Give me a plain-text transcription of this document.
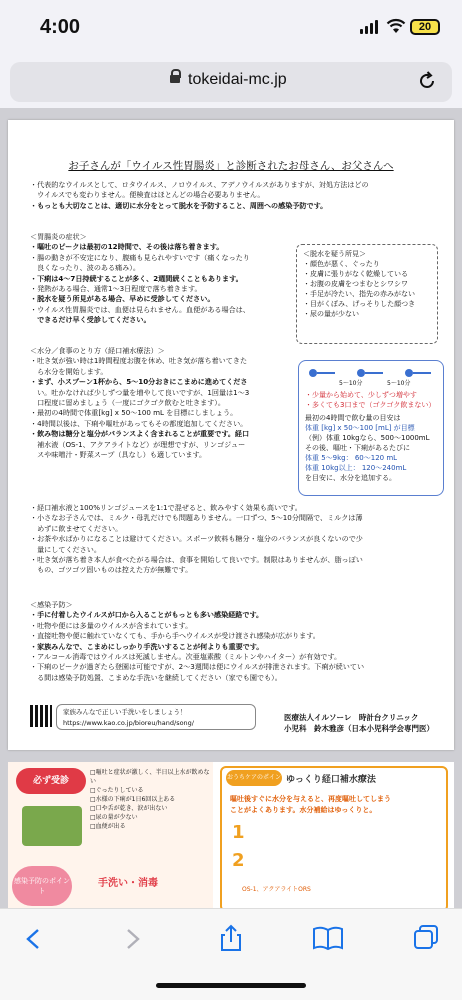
4:00	20
tokeidai-mc.jp
お子さんが「ウイルス性胃腸炎」と診断されたお母さん、お父さんへ

・代表的なウイルスとして、ロタウイルス、ノロウイルス、アデノウイルスがありますが、対処方法はどの

　ウイルスでも変わりません。便検査はほとんどの場合必要ありません。

・もっとも大切なことは、適切に水分をとって脱水を予防すること、周囲への感染予防です。

＜胃腸炎の症状＞

・嘔吐のピークは最初の12時間で、その後は落ち着きます。

・腸の動きが不安定になり、腹痛も見られやすいです（痛くなったり

　良くなったり、波のある痛み）。

・下痢は4〜7日持続することが多く、2週間続くこともあります。

・発熱がある場合、通常1〜3日程度で落ち着きます。

・脱水を疑う所見がある場合、早めに受診してください。

・ウイルス性胃腸炎では、血便は見られません。血便がある場合は、

　できるだけ早く受診してください。

＜脱水を疑う所見＞

・顔色が悪く、ぐったり

・皮膚に張りがなく乾燥している

・お腹の皮膚をつまむとシワシワ

・手足が冷たい、指先の赤みがない

・目がくぼみ、げっそりした顔つき

・尿の量が少ない

＜水分／食事のとり方（経口補水療法）＞

・吐き気が強い時は1時間程度お腹を休め、吐き気が落ち着いてきた

　ら水分を開始します。

・まず、小スプーン1杯から、5〜10分おきにこまめに進めてくださ

　い。吐かなければ少しずつ量を増やして良いですが、1回量は1〜3

　口程度に留めましょう（一度にゴクゴク飲むと吐きます）。

・最初の4時間で体重[kg] x 50〜100 mL を目標にしましょう。

・4時間以後は、下痢や嘔吐があってもその都度追加してください。

・飲み物は糖分と塩分がバランスよく含まれることが重要です。経口

　補水液（OS-1、アクアライトなど）が理想ですが、リンゴジュー

　スや味噌汁・野菜スープ（具なし）も適しています。

5〜10分	5〜10分

・少量から始めて、少しずつ増やす

・多くても3口まで（ゴクゴク飲まない）

最初の4時間で飲む量の目安は

体重 [kg] x 50〜100 [mL] が目標

（例）体重 10kgなら、500〜1000mL

その後、嘔吐・下痢があるたびに

体重 5〜9kg： 60〜120 mL

体重 10kg以上： 120〜240mL

を目安に、水分を追加する。

・経口補水液と100%リンゴジュースを1:1で混ぜると、飲みやすく効果も高いです。

・小さなお子さんでは、ミルク・母乳だけでも問題ありません。一口ずつ、5〜10分間隔で、ミルクは薄

　めずに飲ませてください。

・お茶や水ばかりになることは避けてください。スポーツ飲料も糖分・塩分のバランスが良くないので少

　量にしてください。

・吐き気が落ち着き本人が食べたがる場合は、食事を開始して良いです。制限はありませんが、脂っぽい

　もの、ゴツゴツ固いものは控えた方が無難です。

＜感染予防＞

・手に付着したウイルスが口から入ることがもっとも多い感染経路です。

・吐物や便には多量のウイルスが含まれています。

・直接吐物や便に触れていなくても、手から手へウイルスが受け渡され感染が広がります。

・家族みんなで、こまめにしっかり手洗いすることが何よりも重要です。

・アルコール消毒ではウイルスは死滅しません。次亜塩素酸（ミルトンやハイター）が有効です。

・下痢のピークが過ぎたら登園は可能ですが、2〜3週間は便にウイルスが排泄されます。下痢が続いてい

　る間は感染予防処置、こまめな手洗いを継続してください（家でも園でも）。

家族みんなで正しい手洗いをしましょう！

https://www.kao.co.jp/bioreu/hand/song/

医療法人イルソーレ　時計台クリニック

小児科　鈴木雅彦（日本小児科学会専門医）

必ず受診

□嘔吐と症状が激しく、半日以上水が飲めない

□ぐったりしている

□水様の下痢が1日6回以上ある

□口や舌が乾き、涙が出ない

□尿の量が少ない

□血便が出る

感染予防のポイント
手洗い・消毒
おうちケアのポイント
ゆっくり経口補水療法

嘔吐後すぐに水分を与えると、再度嘔吐してしまう

ことがよくあります。水分補給はゆっくりと。

1
2
OS-1、アクアライトORS
